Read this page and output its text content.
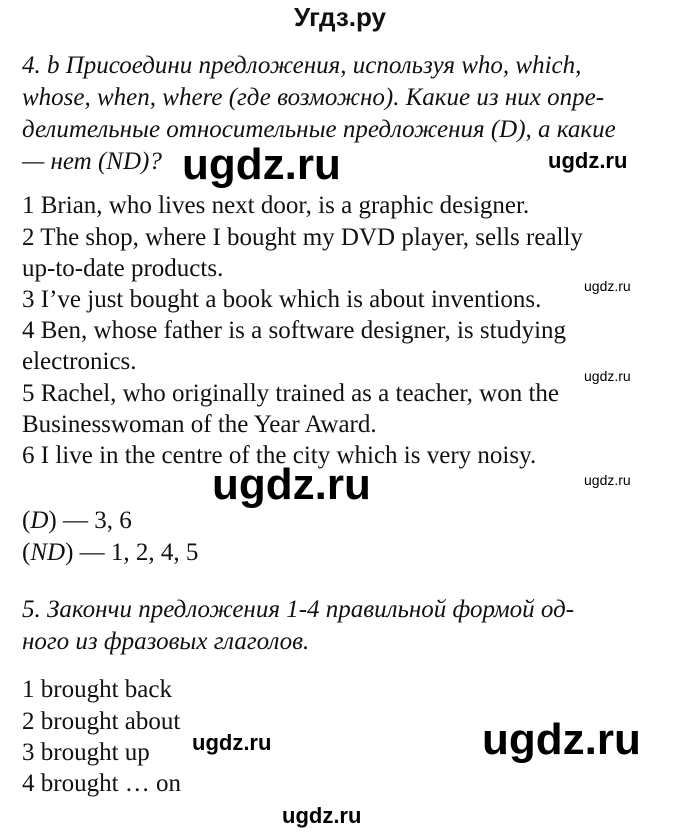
Угдз.ру
4. b Присоедини предложения, используя who, which,
whose, when, where (где возможно). Какие из них опре-
делительные относительные предложения (D), а какие
— нет (ND)?
1 Brian, who lives next door, is a graphic designer.
2 The shop, where I bought my DVD player, sells really
up-to-date products.
3 I’ve just bought a book which is about inventions.
4 Ben, whose father is a software designer, is studying
electronics.
5 Rachel, who originally trained as a teacher, won the
Businesswoman of the Year Award.
6 I live in the centre of the city which is very noisy.
(D) — 3, 6
(ND) — 1, 2, 4, 5
5. Закончи предложения 1-4 правильной формой од-
ного из фразовых глаголов.
1 brought back
2 brought about
3 brought up
4 brought … on
ugdz.ru	ugdz.ru
ugdz.ru
ugdz.ru
ugdz.ru	ugdz.ru
ugdz.ru	ugdz.ru
ugdz.ru
